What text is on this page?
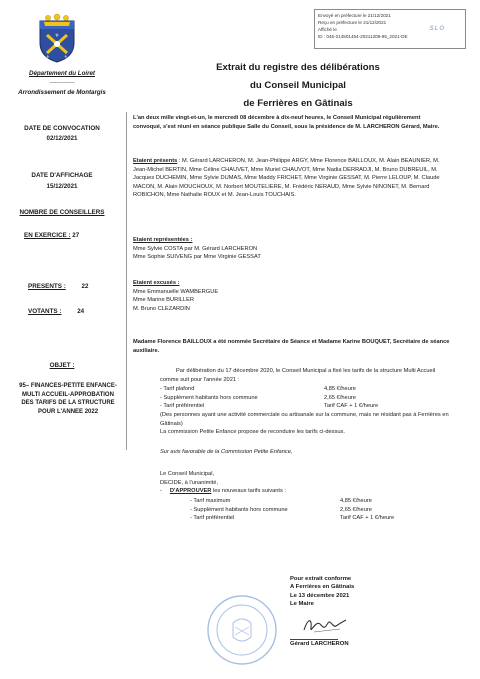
Envoyé en préfecture le 21/12/2021
Reçu en préfecture le 21/12/2021
Affiché le
ID : 045-214501454-20211208-95_2021-DE
SLO
⚜
⚜	⚜
Département du Loiret
---------------
Arrondissement de Montargis
DATE DE CONVOCATION
02/12/2021
DATE D'AFFICHAGE
15/12/2021
NOMBRE DE CONSEILLERS
EN EXERCICE : 27
PRESENTS :	22
VOTANTS :	24
OBJET :
95– FINANCES-PETITE ENFANCE-MULTI ACCUEIL-APPROBATION DES TARIFS DE LA STRUCTURE POUR L'ANNEE 2022
Extrait du registre des délibérations
du Conseil Municipal
de Ferrières en Gâtinais
L'an deux mille vingt-et-un, le mercredi 08 décembre à dix-neuf heures, le Conseil Municipal régulièrement convoqué, s'est réuni en séance publique Salle du Conseil, sous la présidence de M. LARCHERON Gérard, Maire.
Etaient présents : M. Gérard LARCHERON, M. Jean-Philippe ARGY, Mme Florence BAILLOUX, M. Alain BEAUNIER, M. Jean-Michel BERTIN, Mme Céline CHAUVET, Mme Muriel CHAUVOT, Mme Nadia DERRADJI, M. Bruno DUBREUIL, M. Jacques DUCHEMIN, Mme Sylvie DUMAS, Mme Maddy FRICHET, Mme Virginie GESSAT, M. Pierre LELOUP, M. Claude MACON, M. Alain MOUCHOUX, M. Norbert MOUTELIERE, M. Frédéric NERAUD, Mme Sylvie NINONET, M. Bernard ROBICHON, Mme Nathalie ROUX et M. Jean-Louis TOUCHAIS.
Etaient représentées :
Mme Sylvie COSTA par M. Gérard LARCHERON
Mme Sophie SUIVENG par Mme Virginie GESSAT
Etaient excusés :
Mme Emmanuelle WAMBERGUE
Mme Marine BURILLER
M. Bruno CLEZARDIN
Madame Florence BAILLOUX a été nommée Secrétaire de Séance et Madame Karine BOUQUET, Secrétaire de séance auxiliaire.
Par délibération du 17 décembre 2020, le Conseil Municipal a fixé les tarifs de la structure Multi Accueil comme suit pour l'année 2021 :
- Tarif plafond	4,85 €/heure
- Supplément habitants hors commune	2,65 €/heure
- Tarif préférentiel	Tarif CAF + 1 €/heure
(Des personnes ayant une activité commerciale ou artisanale sur la commune, mais ne résidant pas à Ferrières en Gâtinais)
La commission Petite Enfance propose de reconduire les tarifs ci-dessus.
Sur avis favorable de la Commission Petite Enfance,
Le Conseil Municipal,
DECIDE, à l'unanimité,
- D'APPROUVER les nouveaux tarifs suivants :
- Tarif maximum	4,85 €/heure
- Supplément habitants hors commune	2,65 €/heure
- Tarif préférentiel	Tarif CAF + 1 €/heure
Pour extrait conforme
A Ferrières en Gâtinais
Le 13 décembre 2021
Le Maire
Gérard LARCHERON
